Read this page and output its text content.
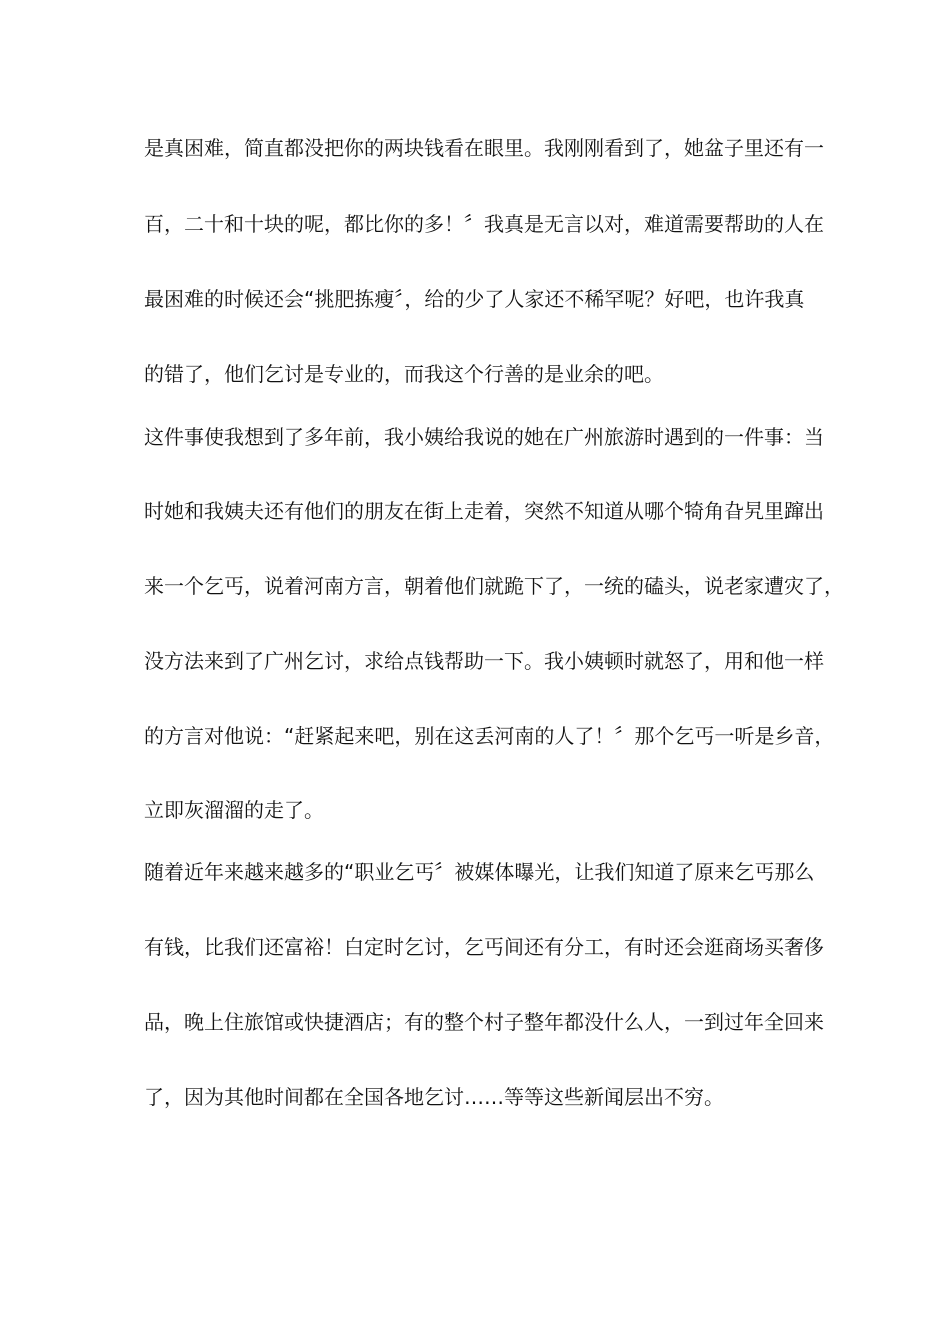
是真困难，简直都没把你的两块钱看在眼里。我刚刚看到了，她盆子里还有一

百，二十和十块的呢，都比你的多！〞我真是无言以对，难道需要帮助的人在

最困难的时候还会“挑肥拣瘦〞，给的少了人家还不稀罕呢？好吧，也许我真

的错了，他们乞讨是专业的，而我这个行善的是业余的吧。

这件事使我想到了多年前，我小姨给我说的她在广州旅游时遇到的一件事：当

时她和我姨夫还有他们的朋友在街上走着，突然不知道从哪个犄角旮旯里蹿出

来一个乞丐，说着河南方言，朝着他们就跪下了，一统的磕头，说老家遭灾了，

没方法来到了广州乞讨，求给点钱帮助一下。我小姨顿时就怒了，用和他一样

的方言对他说：“赶紧起来吧，别在这丢河南的人了！〞那个乞丐一听是乡音，

立即灰溜溜的走了。

随着近年来越来越多的“职业乞丐〞被媒体曝光，让我们知道了原来乞丐那么

有钱，比我们还富裕！白定时乞讨，乞丐间还有分工，有时还会逛商场买奢侈

品，晚上住旅馆或快捷酒店；有的整个村子整年都没什么人，一到过年全回来

了，因为其他时间都在全国各地乞讨……等等这些新闻层出不穷。
